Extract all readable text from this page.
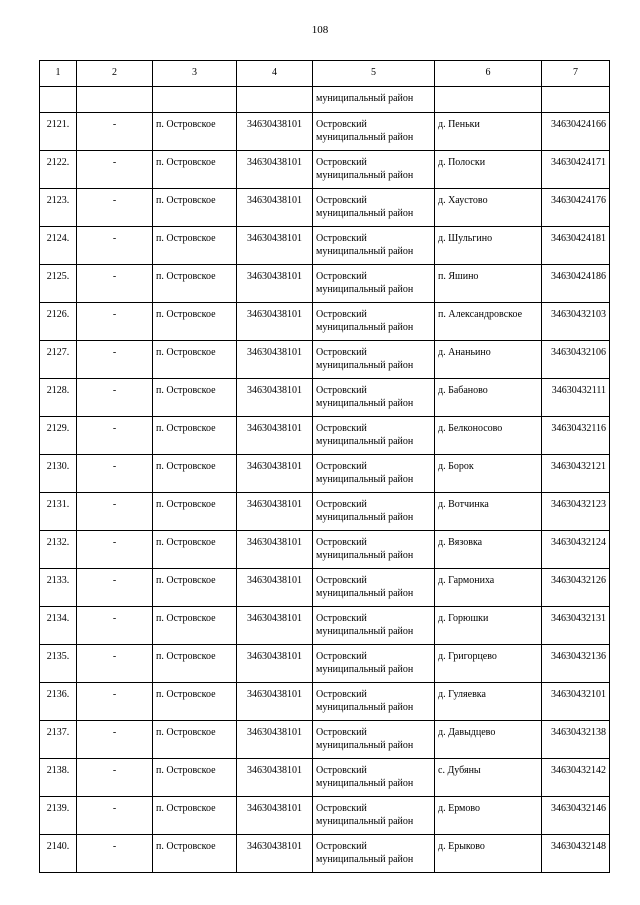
108
1	2	3	4	5	6	7
				муниципальный район		
2121.	-	п. Островское	34630438101	Островский муниципальный район	д. Пеньки	34630424166
2122.	-	п. Островское	34630438101	Островский муниципальный район	д. Полоски	34630424171
2123.	-	п. Островское	34630438101	Островский муниципальный район	д. Хаустово	34630424176
2124.	-	п. Островское	34630438101	Островский муниципальный район	д. Шульгино	34630424181
2125.	-	п. Островское	34630438101	Островский муниципальный район	п. Яшино	34630424186
2126.	-	п. Островское	34630438101	Островский муниципальный район	п. Александровское	34630432103
2127.	-	п. Островское	34630438101	Островский муниципальный район	д. Ананьино	34630432106
2128.	-	п. Островское	34630438101	Островский муниципальный район	д. Бабаново	34630432111
2129.	-	п. Островское	34630438101	Островский муниципальный район	д. Белконосово	34630432116
2130.	-	п. Островское	34630438101	Островский муниципальный район	д. Борок	34630432121
2131.	-	п. Островское	34630438101	Островский муниципальный район	д. Вотчинка	34630432123
2132.	-	п. Островское	34630438101	Островский муниципальный район	д. Вязовка	34630432124
2133.	-	п. Островское	34630438101	Островский муниципальный район	д. Гармониха	34630432126
2134.	-	п. Островское	34630438101	Островский муниципальный район	д. Горюшки	34630432131
2135.	-	п. Островское	34630438101	Островский муниципальный район	д. Григорцево	34630432136
2136.	-	п. Островское	34630438101	Островский муниципальный район	д. Гуляевка	34630432101
2137.	-	п. Островское	34630438101	Островский муниципальный район	д. Давыдцево	34630432138
2138.	-	п. Островское	34630438101	Островский муниципальный район	с. Дубяны	34630432142
2139.	-	п. Островское	34630438101	Островский муниципальный район	д. Ермово	34630432146
2140.	-	п. Островское	34630438101	Островский муниципальный район	д. Ерыково	34630432148
